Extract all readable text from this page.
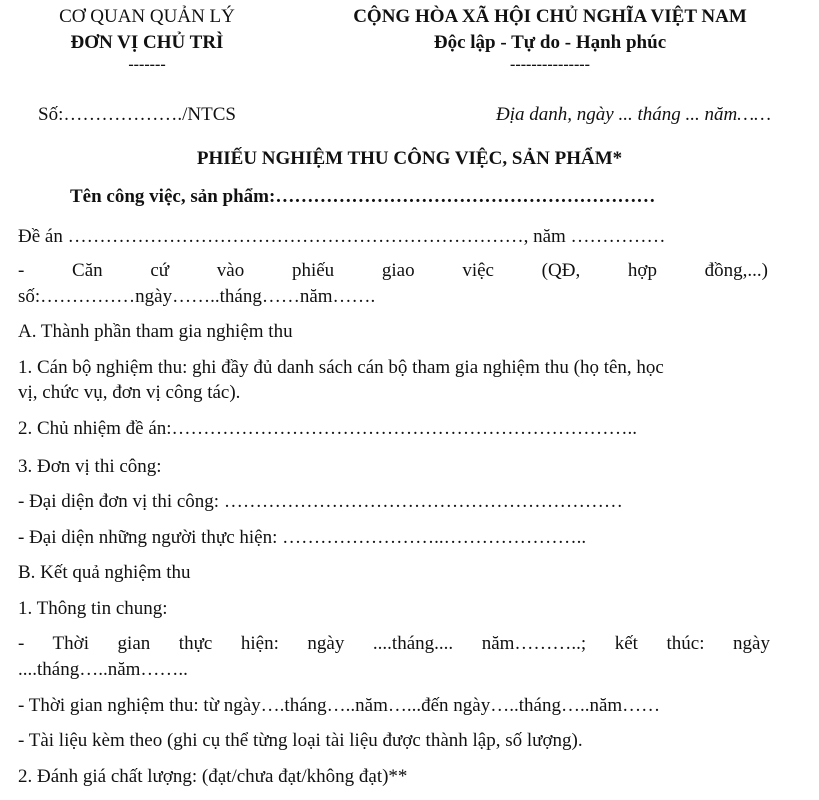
CƠ QUAN QUẢN LÝ
ĐƠN VỊ CHỦ TRÌ
-------
CỘNG HÒA XÃ HỘI CHỦ NGHĨA VIỆT NAM
Độc lập - Tự do - Hạnh phúc
---------------
Số:………………./NTCS	Địa danh, ngày ... tháng ... năm……
PHIẾU NGHIỆM THU CÔNG VIỆC, SẢN PHẨM*
Tên công việc, sản phẩm:……………………………………………………
Đề án ………………………………………………………………, năm ……………
- Căn cứ vào phiếu giao việc (QĐ, hợp đồng,...)
số:……………ngày……..tháng……năm…….
A. Thành phần tham gia nghiệm thu
1. Cán bộ nghiệm thu: ghi đầy đủ danh sách cán bộ tham gia nghiệm thu (họ tên, học
vị, chức vụ, đơn vị công tác).
2. Chủ nhiệm đề án:………………………………………………………………..
3. Đơn vị thi công:
- Đại diện đơn vị thi công: ………………………………………………………
- Đại diện những người thực hiện: ……………………..…………………..
B. Kết quả nghiệm thu
1. Thông tin chung:
- Thời gian thực hiện: ngày ....tháng.... năm………..; kết thúc: ngày
....tháng…..năm……..
- Thời gian nghiệm thu: từ ngày….tháng…..năm…...đến ngày…..tháng…..năm……
- Tài liệu kèm theo (ghi cụ thể từng loại tài liệu được thành lập, số lượng).
2. Đánh giá chất lượng: (đạt/chưa đạt/không đạt)**
